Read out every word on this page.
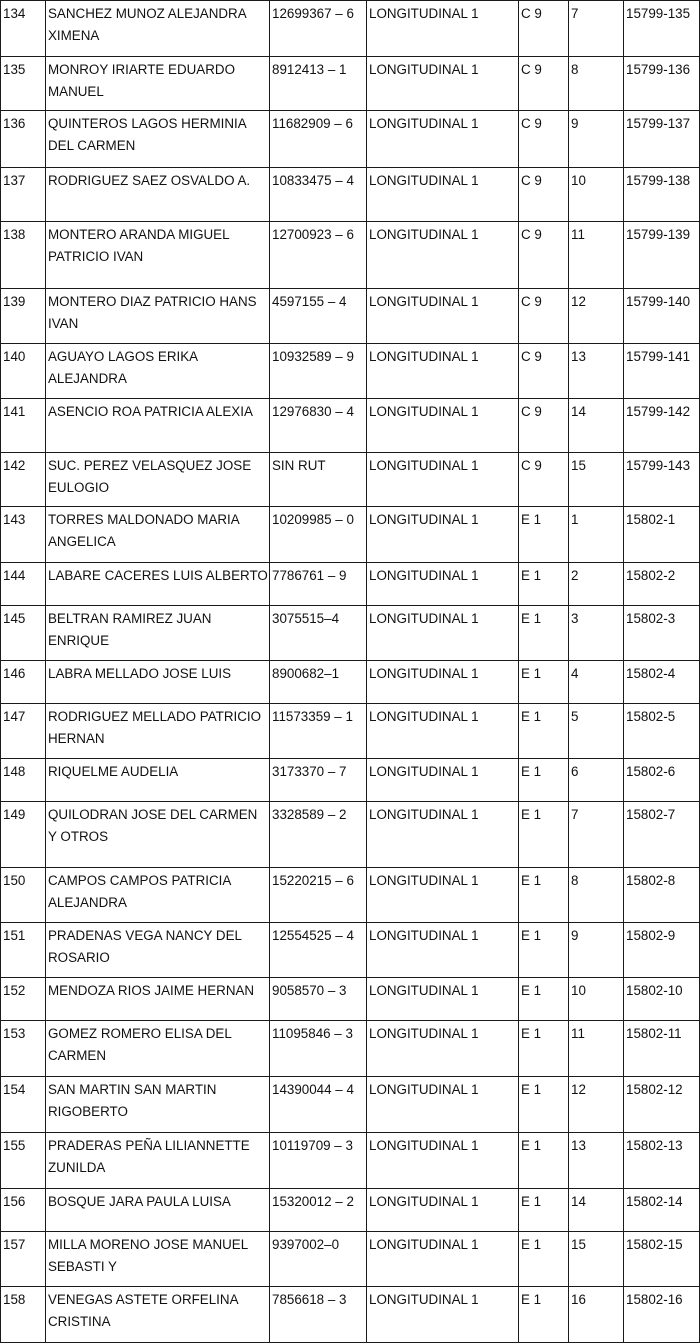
134	SANCHEZ MUNOZ ALEJANDRA XIMENA	12699367 – 6	LONGITUDINAL 1	C 9	7	15799-135
135	MONROY IRIARTE EDUARDO MANUEL	8912413 – 1	LONGITUDINAL 1	C 9	8	15799-136
136	QUINTEROS LAGOS HERMINIA DEL CARMEN	11682909 – 6	LONGITUDINAL 1	C 9	9	15799-137
137	RODRIGUEZ SAEZ OSVALDO A.	10833475 – 4	LONGITUDINAL 1	C 9	10	15799-138
138	MONTERO ARANDA MIGUEL PATRICIO IVAN	12700923 – 6	LONGITUDINAL 1	C 9	11	15799-139
139	MONTERO DIAZ PATRICIO HANS IVAN	4597155 – 4	LONGITUDINAL 1	C 9	12	15799-140
140	AGUAYO LAGOS ERIKA ALEJANDRA	10932589 – 9	LONGITUDINAL 1	C 9	13	15799-141
141	ASENCIO ROA PATRICIA ALEXIA	12976830 – 4	LONGITUDINAL 1	C 9	14	15799-142
142	SUC. PEREZ VELASQUEZ JOSE EULOGIO	SIN RUT	LONGITUDINAL 1	C 9	15	15799-143
143	TORRES MALDONADO MARIA ANGELICA	10209985 – 0	LONGITUDINAL 1	E 1	1	15802-1
144	LABARE CACERES LUIS ALBERTO	7786761 – 9	LONGITUDINAL 1	E 1	2	15802-2
145	BELTRAN RAMIREZ JUAN ENRIQUE	3075515–4	LONGITUDINAL 1	E 1	3	15802-3
146	LABRA MELLADO JOSE LUIS	8900682–1	LONGITUDINAL 1	E 1	4	15802-4
147	RODRIGUEZ MELLADO PATRICIO HERNAN	11573359 – 1	LONGITUDINAL 1	E 1	5	15802-5
148	RIQUELME AUDELIA	3173370 – 7	LONGITUDINAL 1	E 1	6	15802-6
149	QUILODRAN JOSE DEL CARMEN Y OTROS	3328589 – 2	LONGITUDINAL 1	E 1	7	15802-7
150	CAMPOS CAMPOS PATRICIA ALEJANDRA	15220215 – 6	LONGITUDINAL 1	E 1	8	15802-8
151	PRADENAS VEGA NANCY DEL ROSARIO	12554525 – 4	LONGITUDINAL 1	E 1	9	15802-9
152	MENDOZA RIOS JAIME HERNAN	9058570 – 3	LONGITUDINAL 1	E 1	10	15802-10
153	GOMEZ ROMERO ELISA DEL CARMEN	11095846 – 3	LONGITUDINAL 1	E 1	11	15802-11
154	SAN MARTIN SAN MARTIN RIGOBERTO	14390044 – 4	LONGITUDINAL 1	E 1	12	15802-12
155	PRADERAS PEÑA LILIANNETTE ZUNILDA	10119709 – 3	LONGITUDINAL 1	E 1	13	15802-13
156	BOSQUE JARA PAULA LUISA	15320012 – 2	LONGITUDINAL 1	E 1	14	15802-14
157	MILLA MORENO JOSE MANUEL SEBASTI Y	9397002–0	LONGITUDINAL 1	E 1	15	15802-15
158	VENEGAS ASTETE ORFELINA CRISTINA	7856618 – 3	LONGITUDINAL 1	E 1	16	15802-16
